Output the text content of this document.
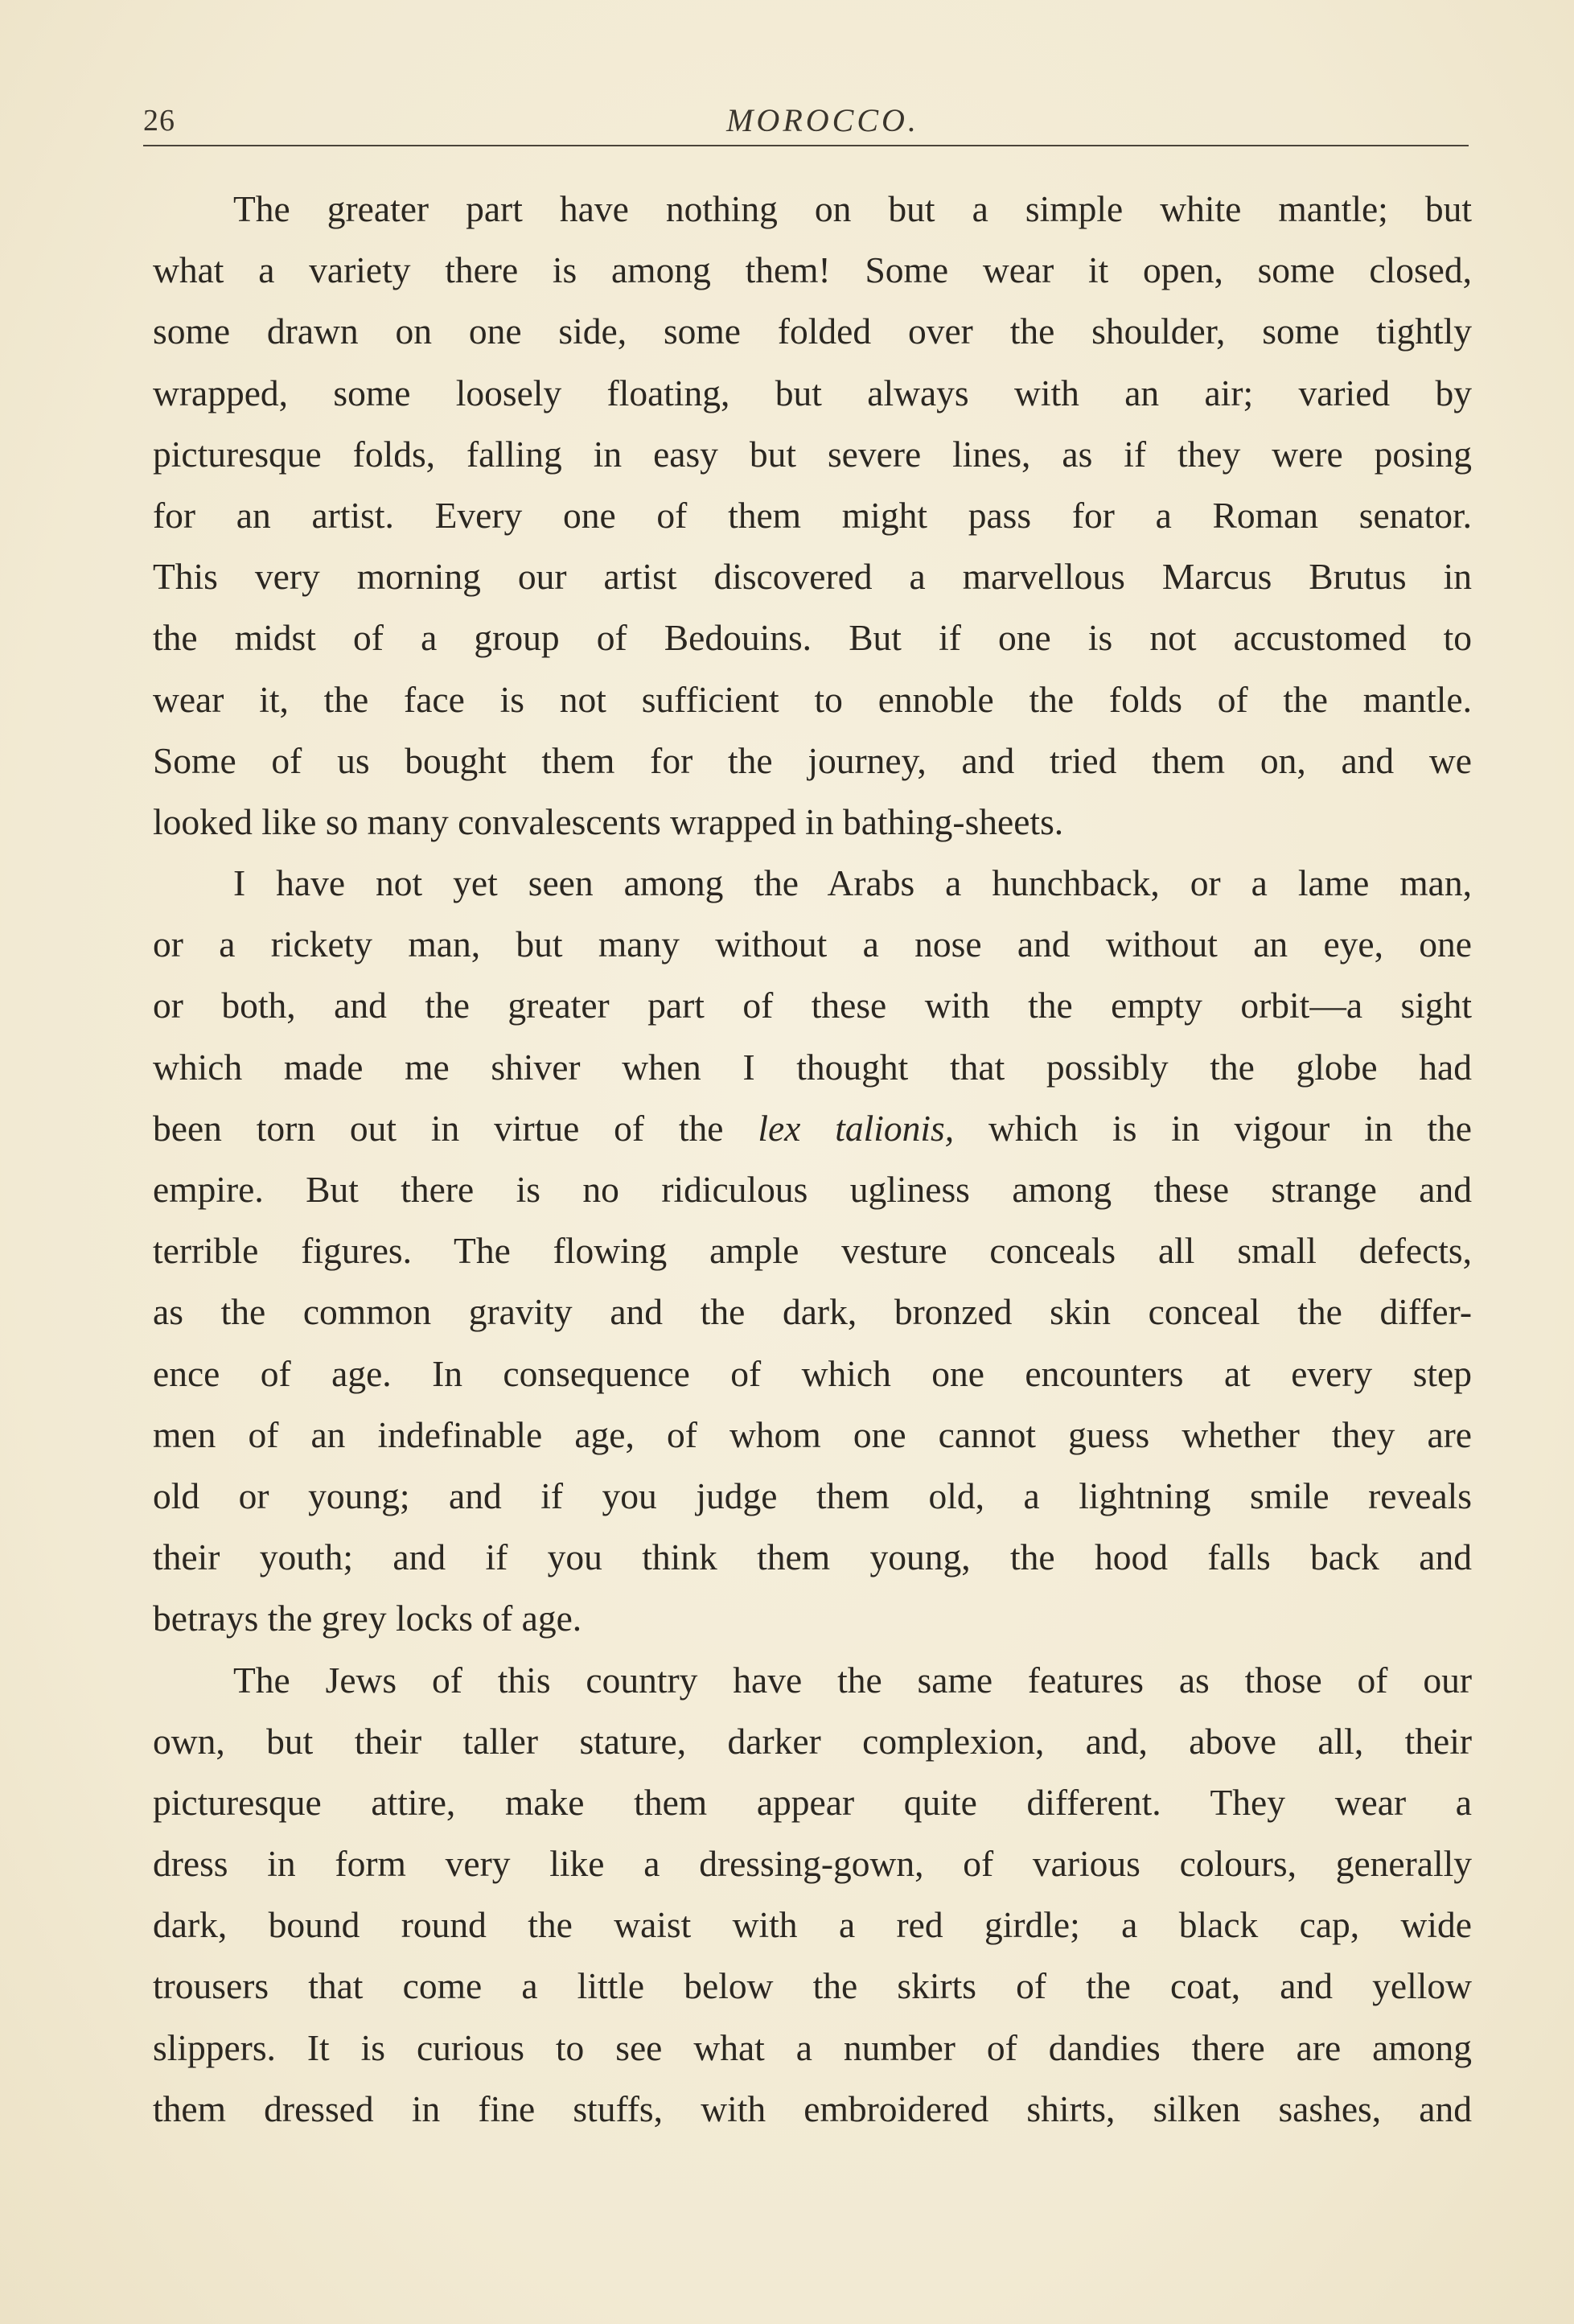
26	MOROCCO.
The greater part have nothing on but a simple white mantle; but
what a variety there is among them! Some wear it open, some closed,
some drawn on one side, some folded over the shoulder, some tightly
wrapped, some loosely floating, but always with an air; varied by
picturesque folds, falling in easy but severe lines, as if they were posing
for an artist. Every one of them might pass for a Roman senator.
This very morning our artist discovered a marvellous Marcus Brutus in
the midst of a group of Bedouins. But if one is not accustomed to
wear it, the face is not sufficient to ennoble the folds of the mantle.
Some of us bought them for the journey, and tried them on, and we
looked like so many convalescents wrapped in bathing-sheets.
I have not yet seen among the Arabs a hunchback, or a lame man,
or a rickety man, but many without a nose and without an eye, one
or both, and the greater part of these with the empty orbit—a sight
which made me shiver when I thought that possibly the globe had
been torn out in virtue of the lex talionis, which is in vigour in the
empire. But there is no ridiculous ugliness among these strange and
terrible figures. The flowing ample vesture conceals all small defects,
as the common gravity and the dark, bronzed skin conceal the differ-
ence of age. In consequence of which one encounters at every step
men of an indefinable age, of whom one cannot guess whether they are
old or young; and if you judge them old, a lightning smile reveals
their youth; and if you think them young, the hood falls back and
betrays the grey locks of age.
The Jews of this country have the same features as those of our
own, but their taller stature, darker complexion, and, above all, their
picturesque attire, make them appear quite different. They wear a
dress in form very like a dressing-gown, of various colours, generally
dark, bound round the waist with a red girdle; a black cap, wide
trousers that come a little below the skirts of the coat, and yellow
slippers. It is curious to see what a number of dandies there are among
them dressed in fine stuffs, with embroidered shirts, silken sashes, and
